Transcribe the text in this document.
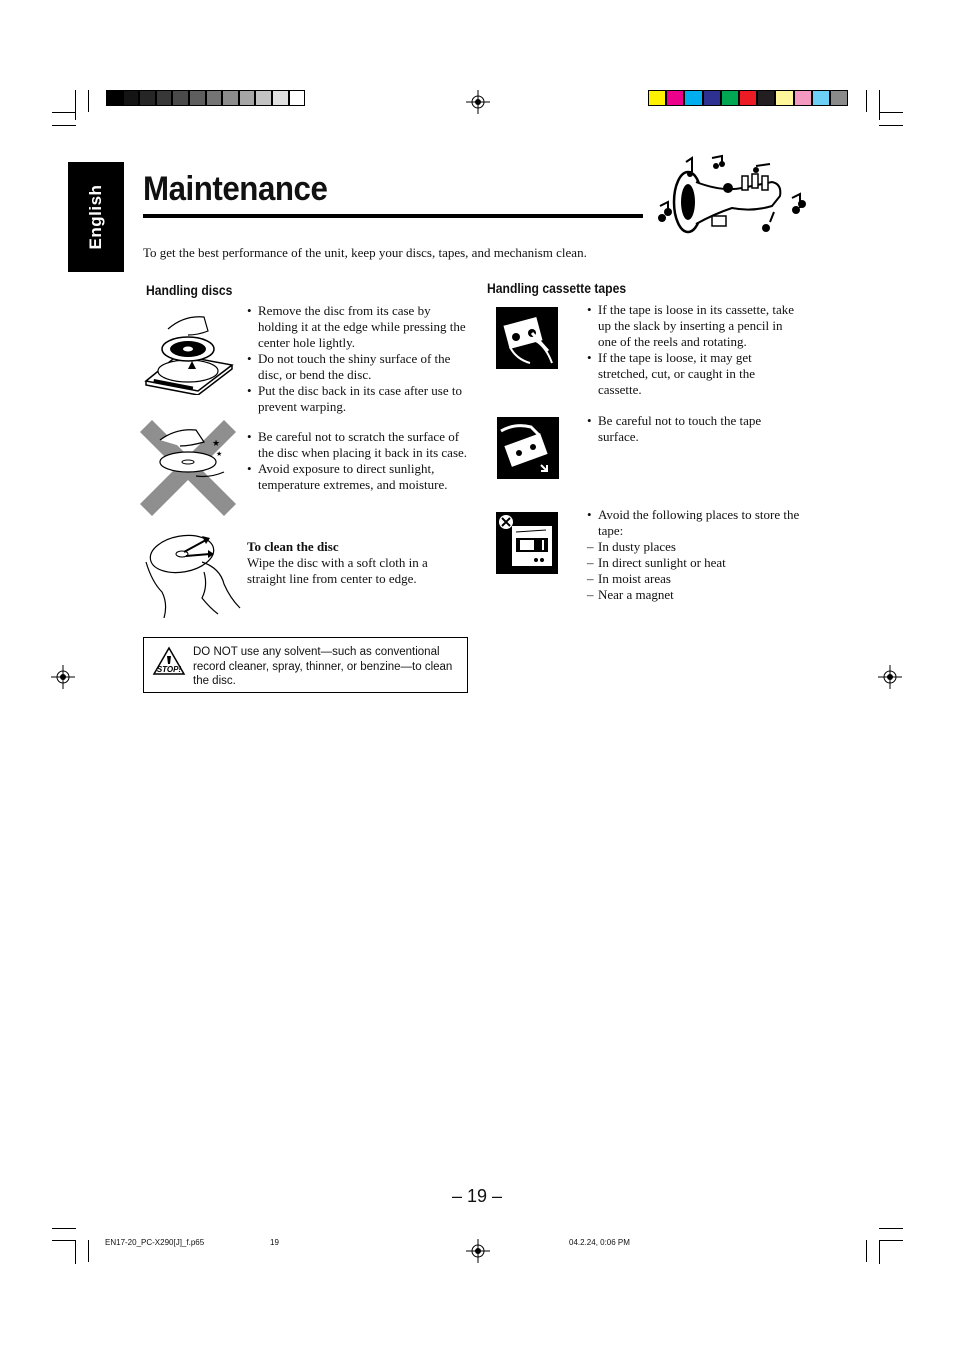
English Maintenance
To get the best performance of the unit, keep your discs, tapes, and mechanism clean.
Handling discs
• Remove the disc from its case by holding it at the edge while pressing the center hole lightly.
• Do not touch the shiny surface of the disc, or bend the disc.
• Put the disc back in its case after use to prevent warping.
★
★
• Be careful not to scratch the surface of the disc when placing it back in its case.
• Avoid exposure to direct sunlight, temperature extremes, and moisture.
To clean the disc
Wipe the disc with a soft cloth in a straight line from center to edge.
STOP!
DO NOT use any solvent—such as conventional record cleaner, spray, thinner, or benzine—to clean the disc.
Handling cassette tapes
• If the tape is loose in its cassette, take up the slack by inserting a pencil in one of the reels and rotating.
• If the tape is loose, it may get stretched, cut, or caught in the cassette.
• Be careful not to touch the tape surface.
• Avoid the following places to store the tape:
– In dusty places
– In direct sunlight or heat
– In moist areas
– Near a magnet
– 19 –
EN17-20_PC-X290[J]_f.p65	19	04.2.24, 0:06 PM
